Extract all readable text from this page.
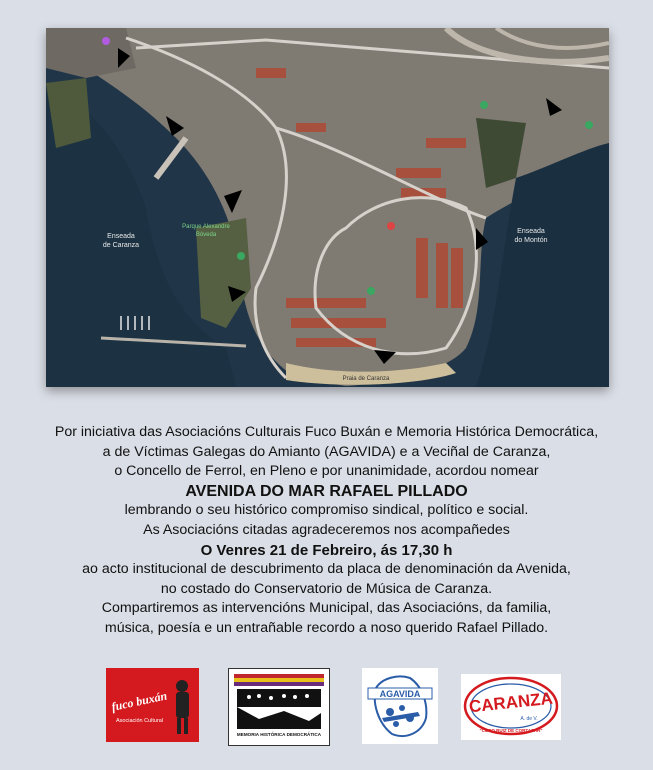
Enseada
de Caranza
Enseada
do Montón
Parque Alexandre
Bóveda
Praia de Caranza
Por iniciativa das Asociacións Culturais Fuco Buxán e Memoria Histórica Democrática,
a de Víctimas Galegas do Amianto (AGAVIDA) e a Veciñal de Caranza,
o Concello de Ferrol, en Pleno e por unanimidade, acordou nomear
AVENIDA DO MAR RAFAEL PILLADO
lembrando o seu histórico compromiso sindical, político e social.
As Asociacións citadas agradeceremos nos acompañedes
O Venres 21 de Febreiro, ás 17,30 h
ao acto institucional de descubrimento da placa de denominación da Avenida,
no costado do Conservatorio de Música de Caranza.
Compartiremos as intervencións Municipal, das Asociacións, da familia,
música, poesía e un entrañable recordo a noso querido Rafael Pillado.
fuco buxán
Asociación Cultural
MEMORIA HISTÓRICA DEMOCRÁTICA
AGAVIDA	CARANZA
A. de V.
"CUCO RUIZ DE CORTAZAR"
